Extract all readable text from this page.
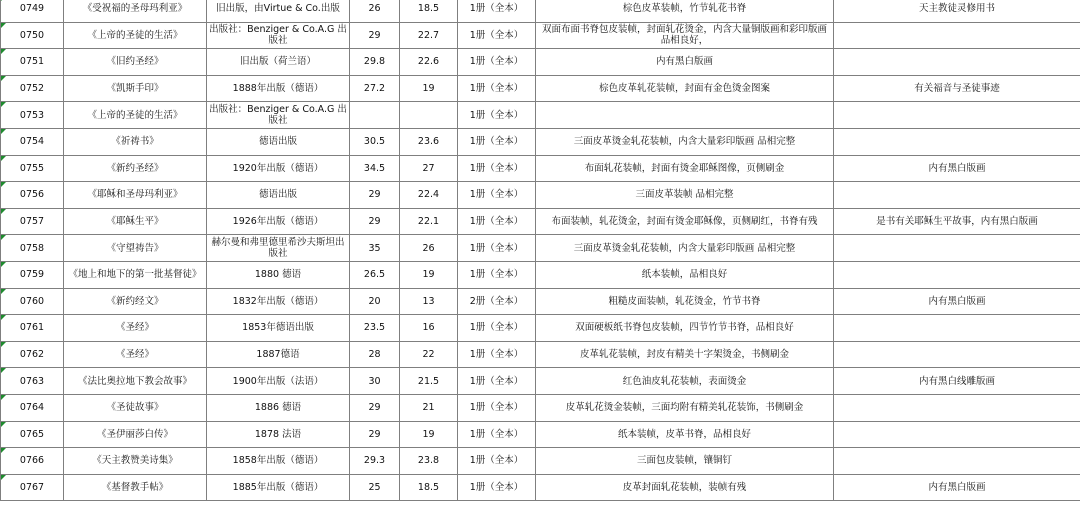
0749	《受祝福的圣母玛利亚》	旧出版，由Virtue & Co.出版	26	18.5	1册（全本）	棕色皮革装帧，竹节轧花书脊	天主教徒灵修用书

0750	《上帝的圣徒的生活》	出版社：Benziger & Co.A.G 出版社	29	22.7	1册（全本）	双面布面书脊包皮装帧，封面轧花烫金，内含大量铜版画和彩印版画 品相良好，	

0751	《旧约圣经》	旧出版（荷兰语）	29.8	22.6	1册（全本）	内有黑白版画	

0752	《凯斯手印》	1888年出版（德语）	27.2	19	1册（全本）	棕色皮革轧花装帧，封面有金色烫金图案	有关福音与圣徒事迹

0753	《上帝的圣徒的生活》	出版社：Benziger & Co.A.G 出版社			1册（全本）		

0754	《祈祷书》	德语出版	30.5	23.6	1册（全本）	三面皮革烫金轧花装帧，内含大量彩印版画 品相完整	

0755	《新约圣经》	1920年出版（德语）	34.5	27	1册（全本）	布面轧花装帧，封面有烫金耶稣图像，页侧刷金	内有黑白版画

0756	《耶稣和圣母玛利亚》	德语出版	29	22.4	1册（全本）	三面皮革装帧 品相完整	

0757	《耶稣生平》	1926年出版（德语）	29	22.1	1册（全本）	布面装帧，轧花烫金，封面有烫金耶稣像，页侧刷红，书脊有残	是书有关耶稣生平故事，内有黑白版画

0758	《守望祷告》	赫尔曼和弗里德里希沙夫斯坦出版社	35	26	1册（全本）	三面皮革烫金轧花装帧，内含大量彩印版画 品相完整	

0759	《地上和地下的第一批基督徒》	1880 德语	26.5	19	1册（全本）	纸本装帧，品相良好	

0760	《新约经文》	1832年出版（德语）	20	13	2册（全本）	粗糙皮面装帧，轧花烫金，竹节书脊	内有黑白版画

0761	《圣经》	1853年德语出版	23.5	16	1册（全本）	双面硬板纸书脊包皮装帧，四节竹节书脊，品相良好	

0762	《圣经》	1887德语	28	22	1册（全本）	皮革轧花装帧，封皮有精美十字架烫金，书侧刷金	

0763	《法比奥拉地下教会故事》	1900年出版（法语）	30	21.5	1册（全本）	红色油皮轧花装帧，表面烫金	内有黑白线雕版画

0764	《圣徒故事》	1886 德语	29	21	1册（全本）	皮革轧花烫金装帧，三面均附有精美轧花装饰，书侧刷金	

0765	《圣伊丽莎白传》	1878 法语	29	19	1册（全本）	纸本装帧，皮革书脊，品相良好	

0766	《天主教赞美诗集》	1858年出版（德语）	29.3	23.8	1册（全本）	三面包皮装帧，镶铜钉	

0767	《基督教手帖》	1885年出版（德语）	25	18.5	1册（全本）	皮革封面轧花装帧，装帧有残	内有黑白版画
